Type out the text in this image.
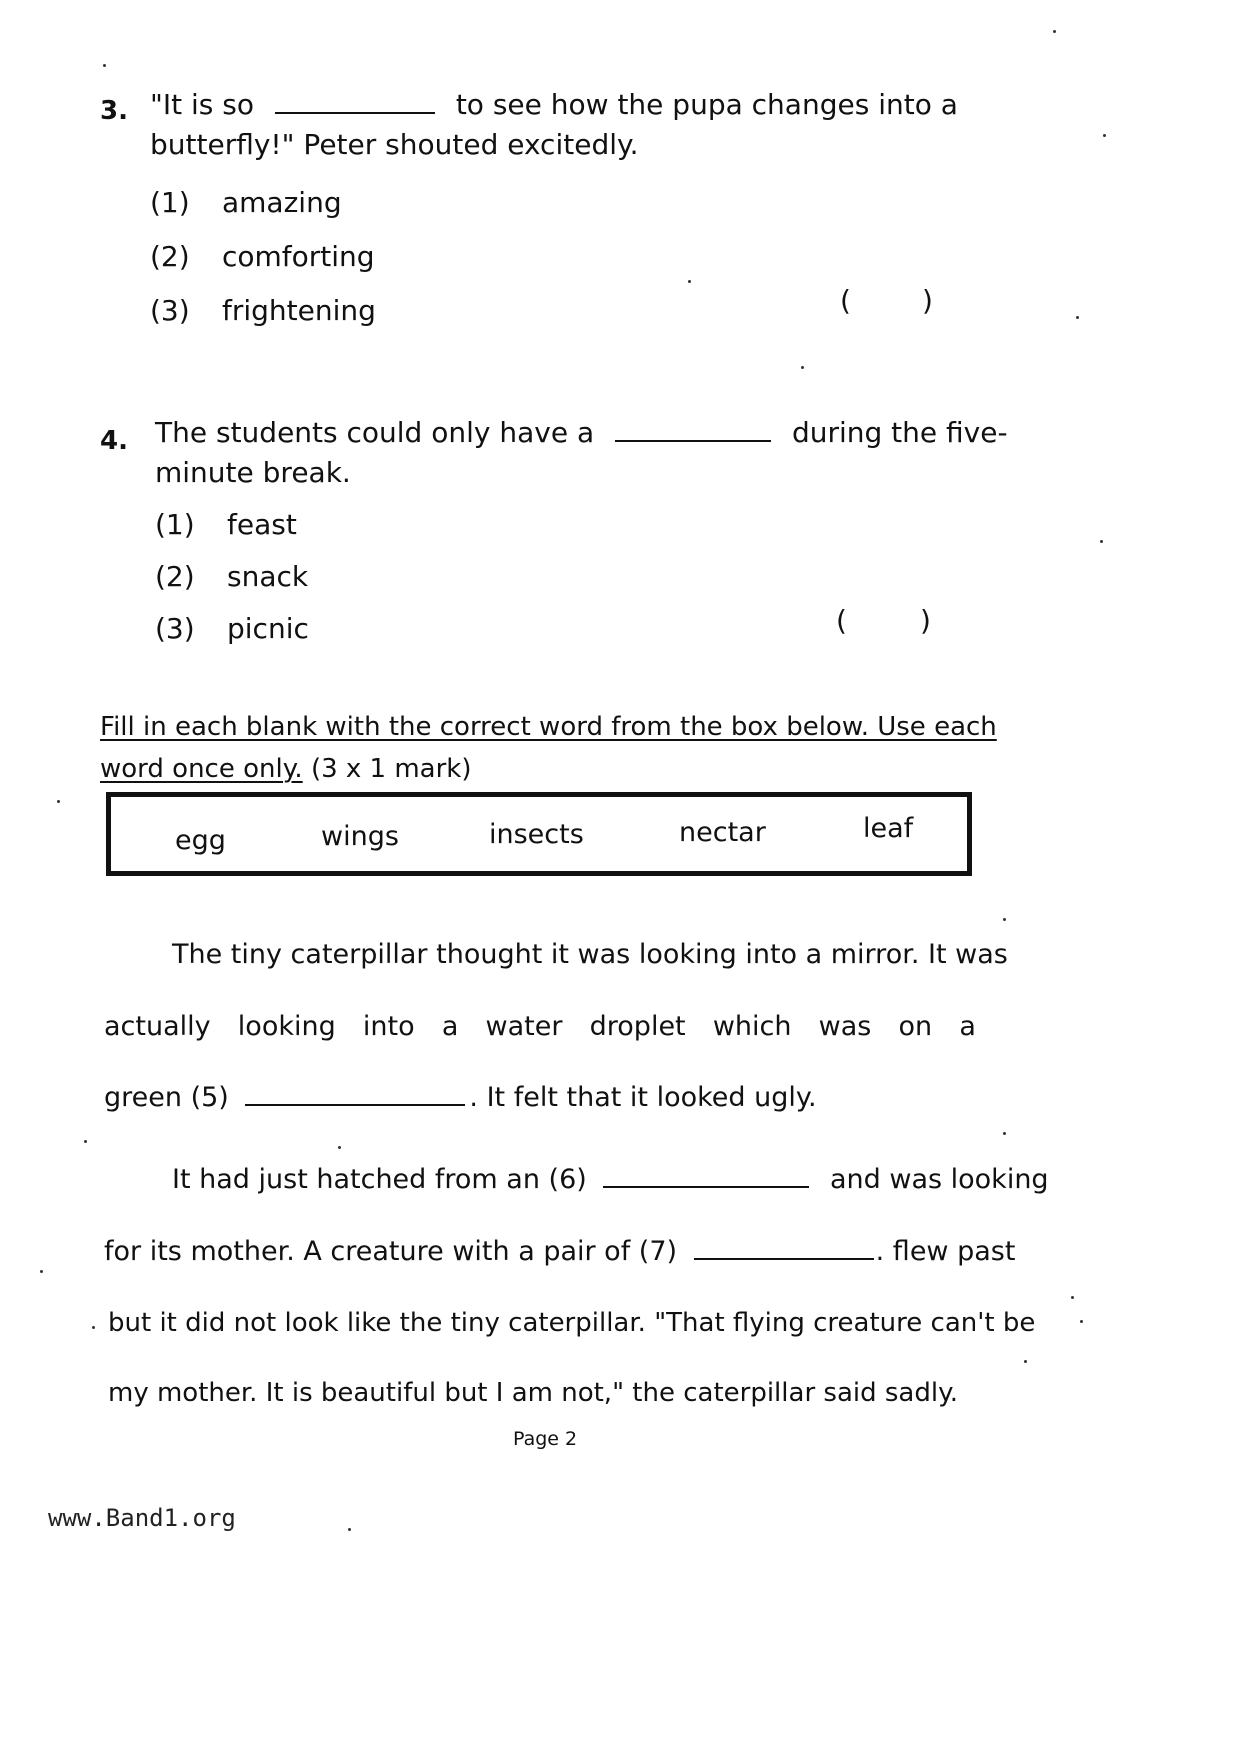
3. "It is so	to see how the pupa changes into a
butterfly!" Peter shouted excitedly.
(1) amazing
(2) comforting
(3) frightening	(	)
4. The students could only have a	during the five-
minute break.
(1) feast
(2) snack
(3) picnic	(	)
Fill in each blank with the correct word from the box below. Use each
word once only. (3 x 1 mark)
egg	wings	insects	nectar	leaf
The tiny caterpillar thought it was looking into a mirror. It was
actually looking into a water droplet which was on a
green (5)	. It felt that it looked ugly.
It had just hatched from an (6)	and was looking
for its mother. A creature with a pair of (7)	. flew past
but it did not look like the tiny caterpillar. "That flying creature can't be
my mother. It is beautiful but I am not," the caterpillar said sadly.
Page 2
www.Band1.org
